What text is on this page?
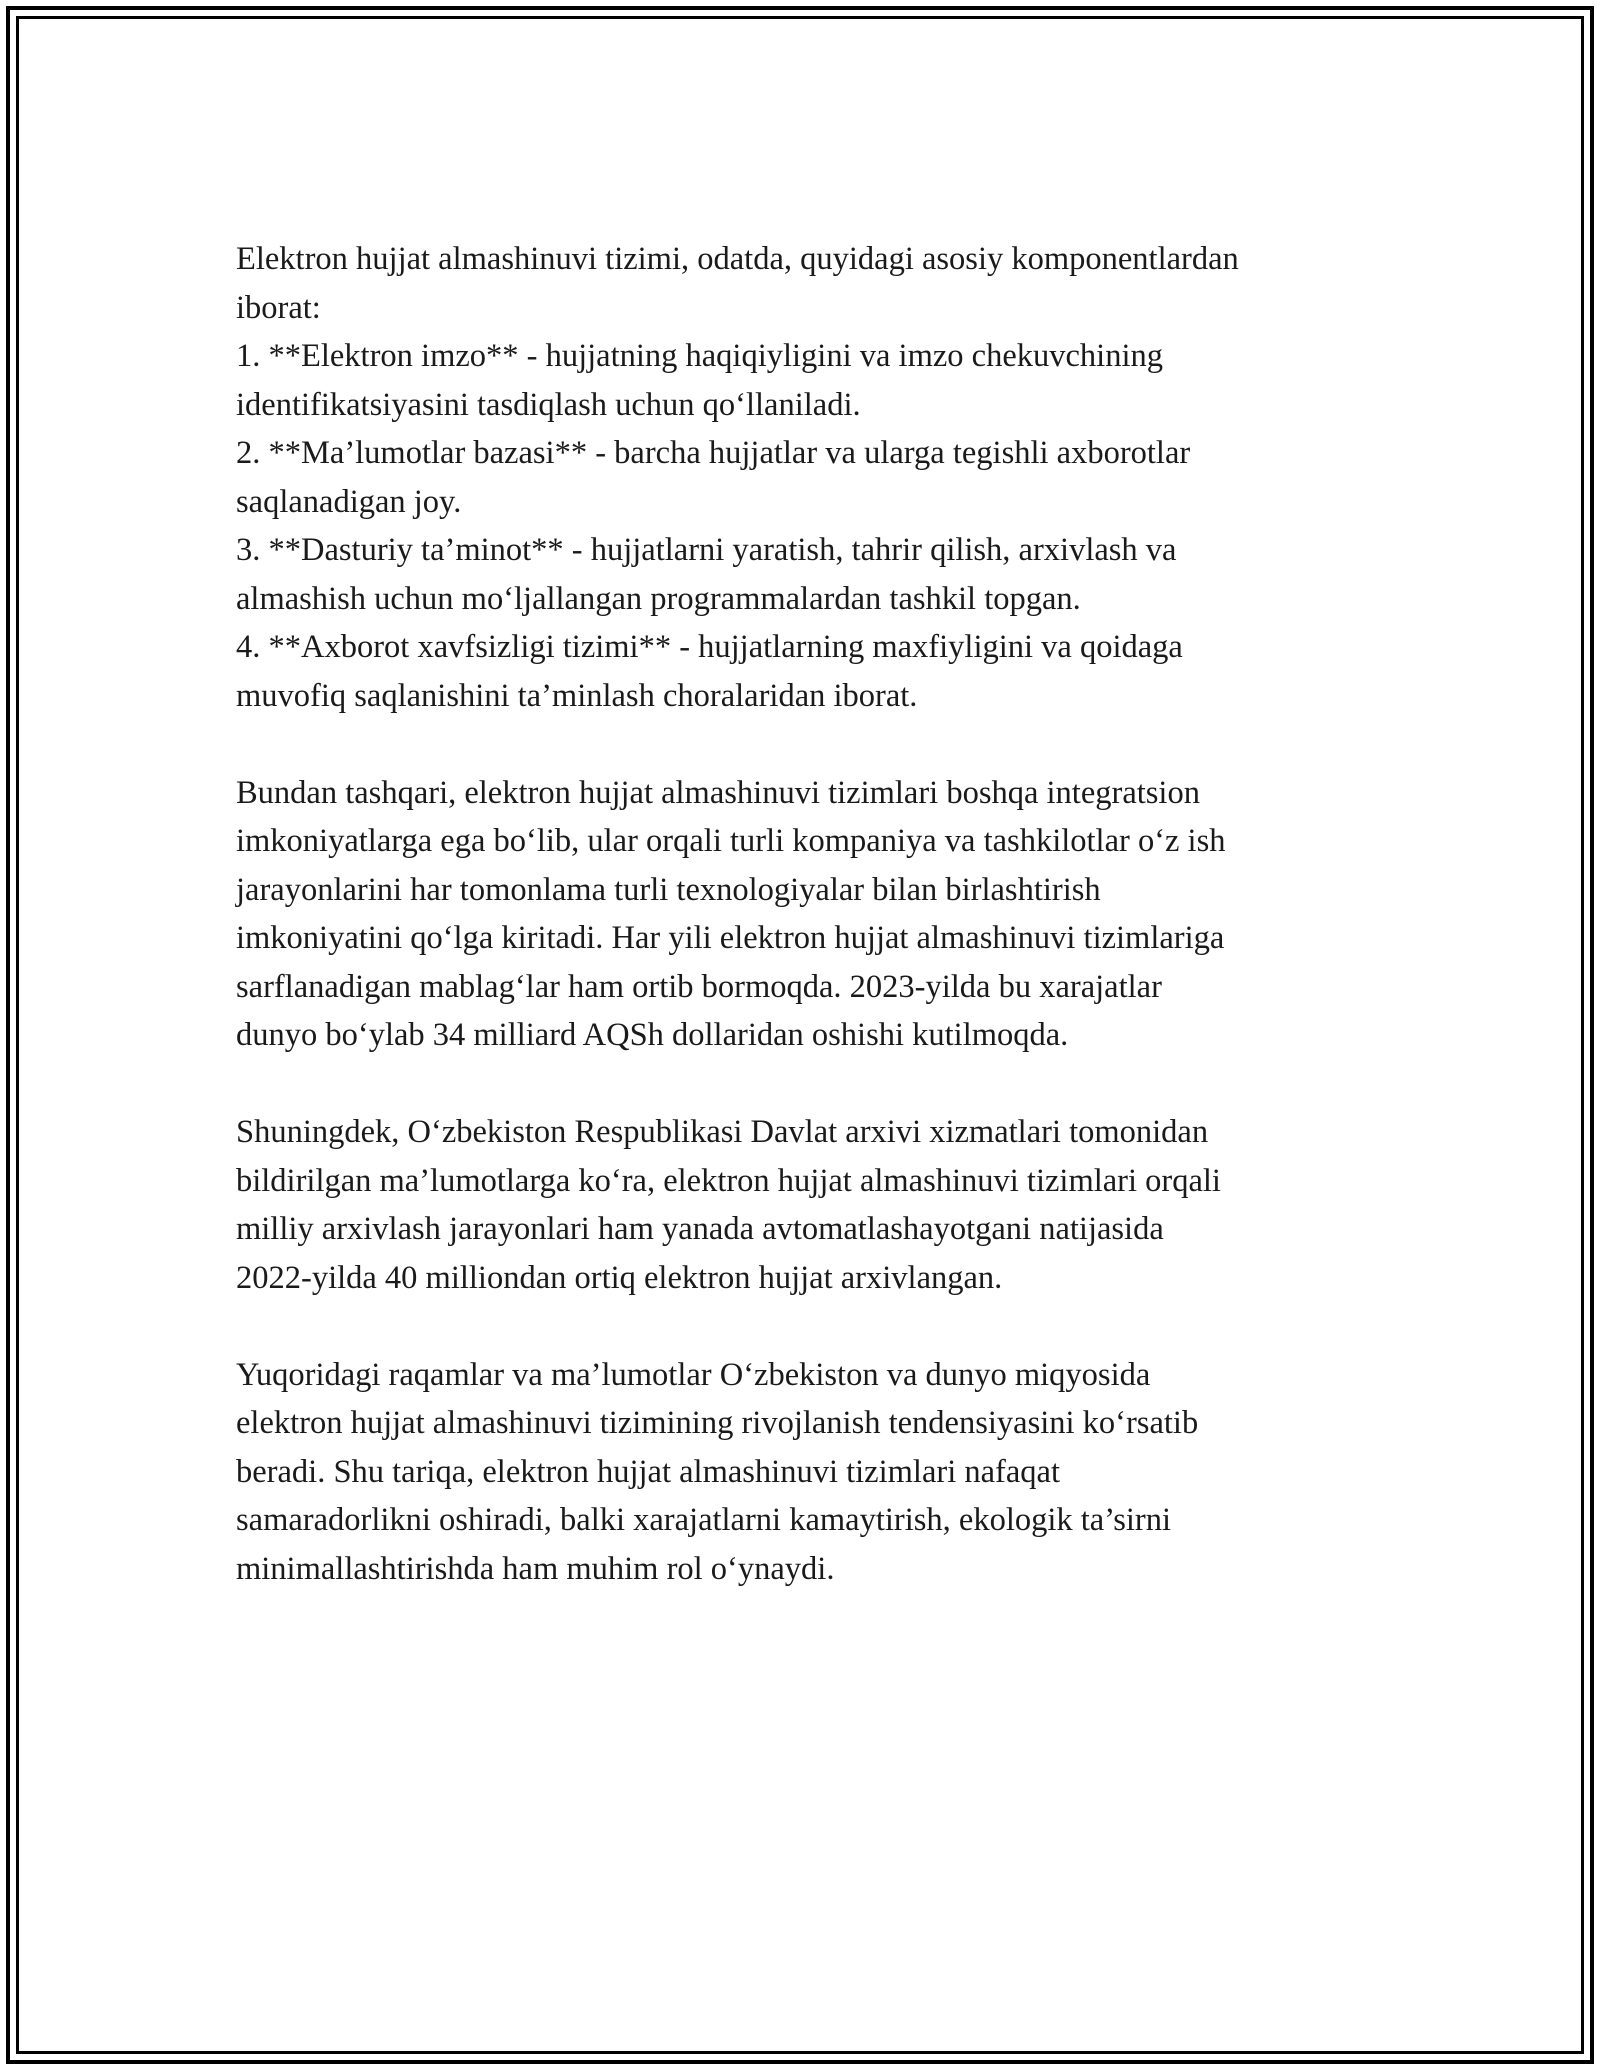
Elektron hujjat almashinuvi tizimi, odatda, quyidagi asosiy komponentlardan

iborat:

1. **Elektron imzo** - hujjatning haqiqiyligini va imzo chekuvchining

identifikatsiyasini tasdiqlash uchun qo‘llaniladi.

2. **Ma’lumotlar bazasi** - barcha hujjatlar va ularga tegishli axborotlar

saqlanadigan joy.

3. **Dasturiy ta’minot** - hujjatlarni yaratish, tahrir qilish, arxivlash va

almashish uchun mo‘ljallangan programmalardan tashkil topgan.

4. **Axborot xavfsizligi tizimi** - hujjatlarning maxfiyligini va qoidaga

muvofiq saqlanishini ta’minlash choralaridan iborat.

Bundan tashqari, elektron hujjat almashinuvi tizimlari boshqa integratsion

imkoniyatlarga ega bo‘lib, ular orqali turli kompaniya va tashkilotlar o‘z ish

jarayonlarini har tomonlama turli texnologiyalar bilan birlashtirish

imkoniyatini qo‘lga kiritadi. Har yili elektron hujjat almashinuvi tizimlariga

sarflanadigan mablag‘lar ham ortib bormoqda. 2023-yilda bu xarajatlar

dunyo bo‘ylab 34 milliard AQSh dollaridan oshishi kutilmoqda.

Shuningdek, O‘zbekiston Respublikasi Davlat arxivi xizmatlari tomonidan

bildirilgan ma’lumotlarga ko‘ra, elektron hujjat almashinuvi tizimlari orqali

milliy arxivlash jarayonlari ham yanada avtomatlashayotgani natijasida

2022-yilda 40 milliondan ortiq elektron hujjat arxivlangan.

Yuqoridagi raqamlar va ma’lumotlar O‘zbekiston va dunyo miqyosida

elektron hujjat almashinuvi tizimining rivojlanish tendensiyasini ko‘rsatib

beradi. Shu tariqa, elektron hujjat almashinuvi tizimlari nafaqat

samaradorlikni oshiradi, balki xarajatlarni kamaytirish, ekologik ta’sirni

minimallashtirishda ham muhim rol o‘ynaydi.
